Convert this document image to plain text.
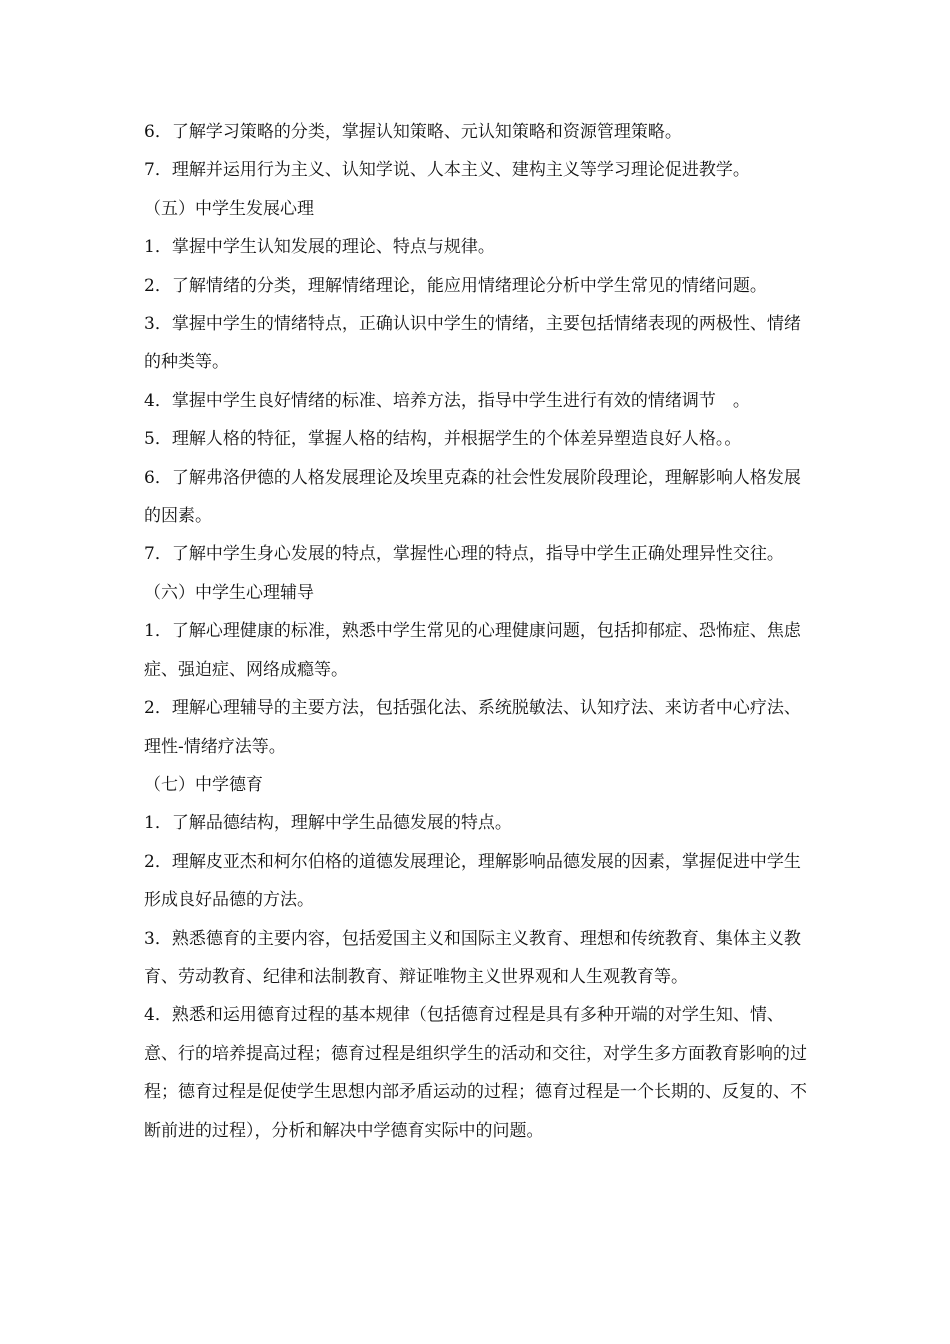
6．了解学习策略的分类，掌握认知策略、元认知策略和资源管理策略。

7．理解并运用行为主义、认知学说、人本主义、建构主义等学习理论促进教学。

（五）中学生发展心理

1．掌握中学生认知发展的理论、特点与规律。

2．了解情绪的分类，理解情绪理论，能应用情绪理论分析中学生常见的情绪问题。

3．掌握中学生的情绪特点，正确认识中学生的情绪，主要包括情绪表现的两极性、情绪的种类等。

4．掌握中学生良好情绪的标准、培养方法，指导中学生进行有效的情绪调节　。

5．理解人格的特征，掌握人格的结构，并根据学生的个体差异塑造良好人格。。

6．了解弗洛伊德的人格发展理论及埃里克森的社会性发展阶段理论，理解影响人格发展的因素。

7．了解中学生身心发展的特点，掌握性心理的特点，指导中学生正确处理异性交往。

（六）中学生心理辅导

1．了解心理健康的标准，熟悉中学生常见的心理健康问题，包括抑郁症、恐怖症、焦虑症、强迫症、网络成瘾等。

2．理解心理辅导的主要方法，包括强化法、系统脱敏法、认知疗法、来访者中心疗法、理性-情绪疗法等。

（七）中学德育

1．了解品德结构，理解中学生品德发展的特点。

2．理解皮亚杰和柯尔伯格的道德发展理论，理解影响品德发展的因素，掌握促进中学生形成良好品德的方法。

3．熟悉德育的主要内容，包括爱国主义和国际主义教育、理想和传统教育、集体主义教育、劳动教育、纪律和法制教育、辩证唯物主义世界观和人生观教育等。

4．熟悉和运用德育过程的基本规律（包括德育过程是具有多种开端的对学生知、情、意、行的培养提高过程；德育过程是组织学生的活动和交往，对学生多方面教育影响的过程；德育过程是促使学生思想内部矛盾运动的过程；德育过程是一个长期的、反复的、不断前进的过程），分析和解决中学德育实际中的问题。
